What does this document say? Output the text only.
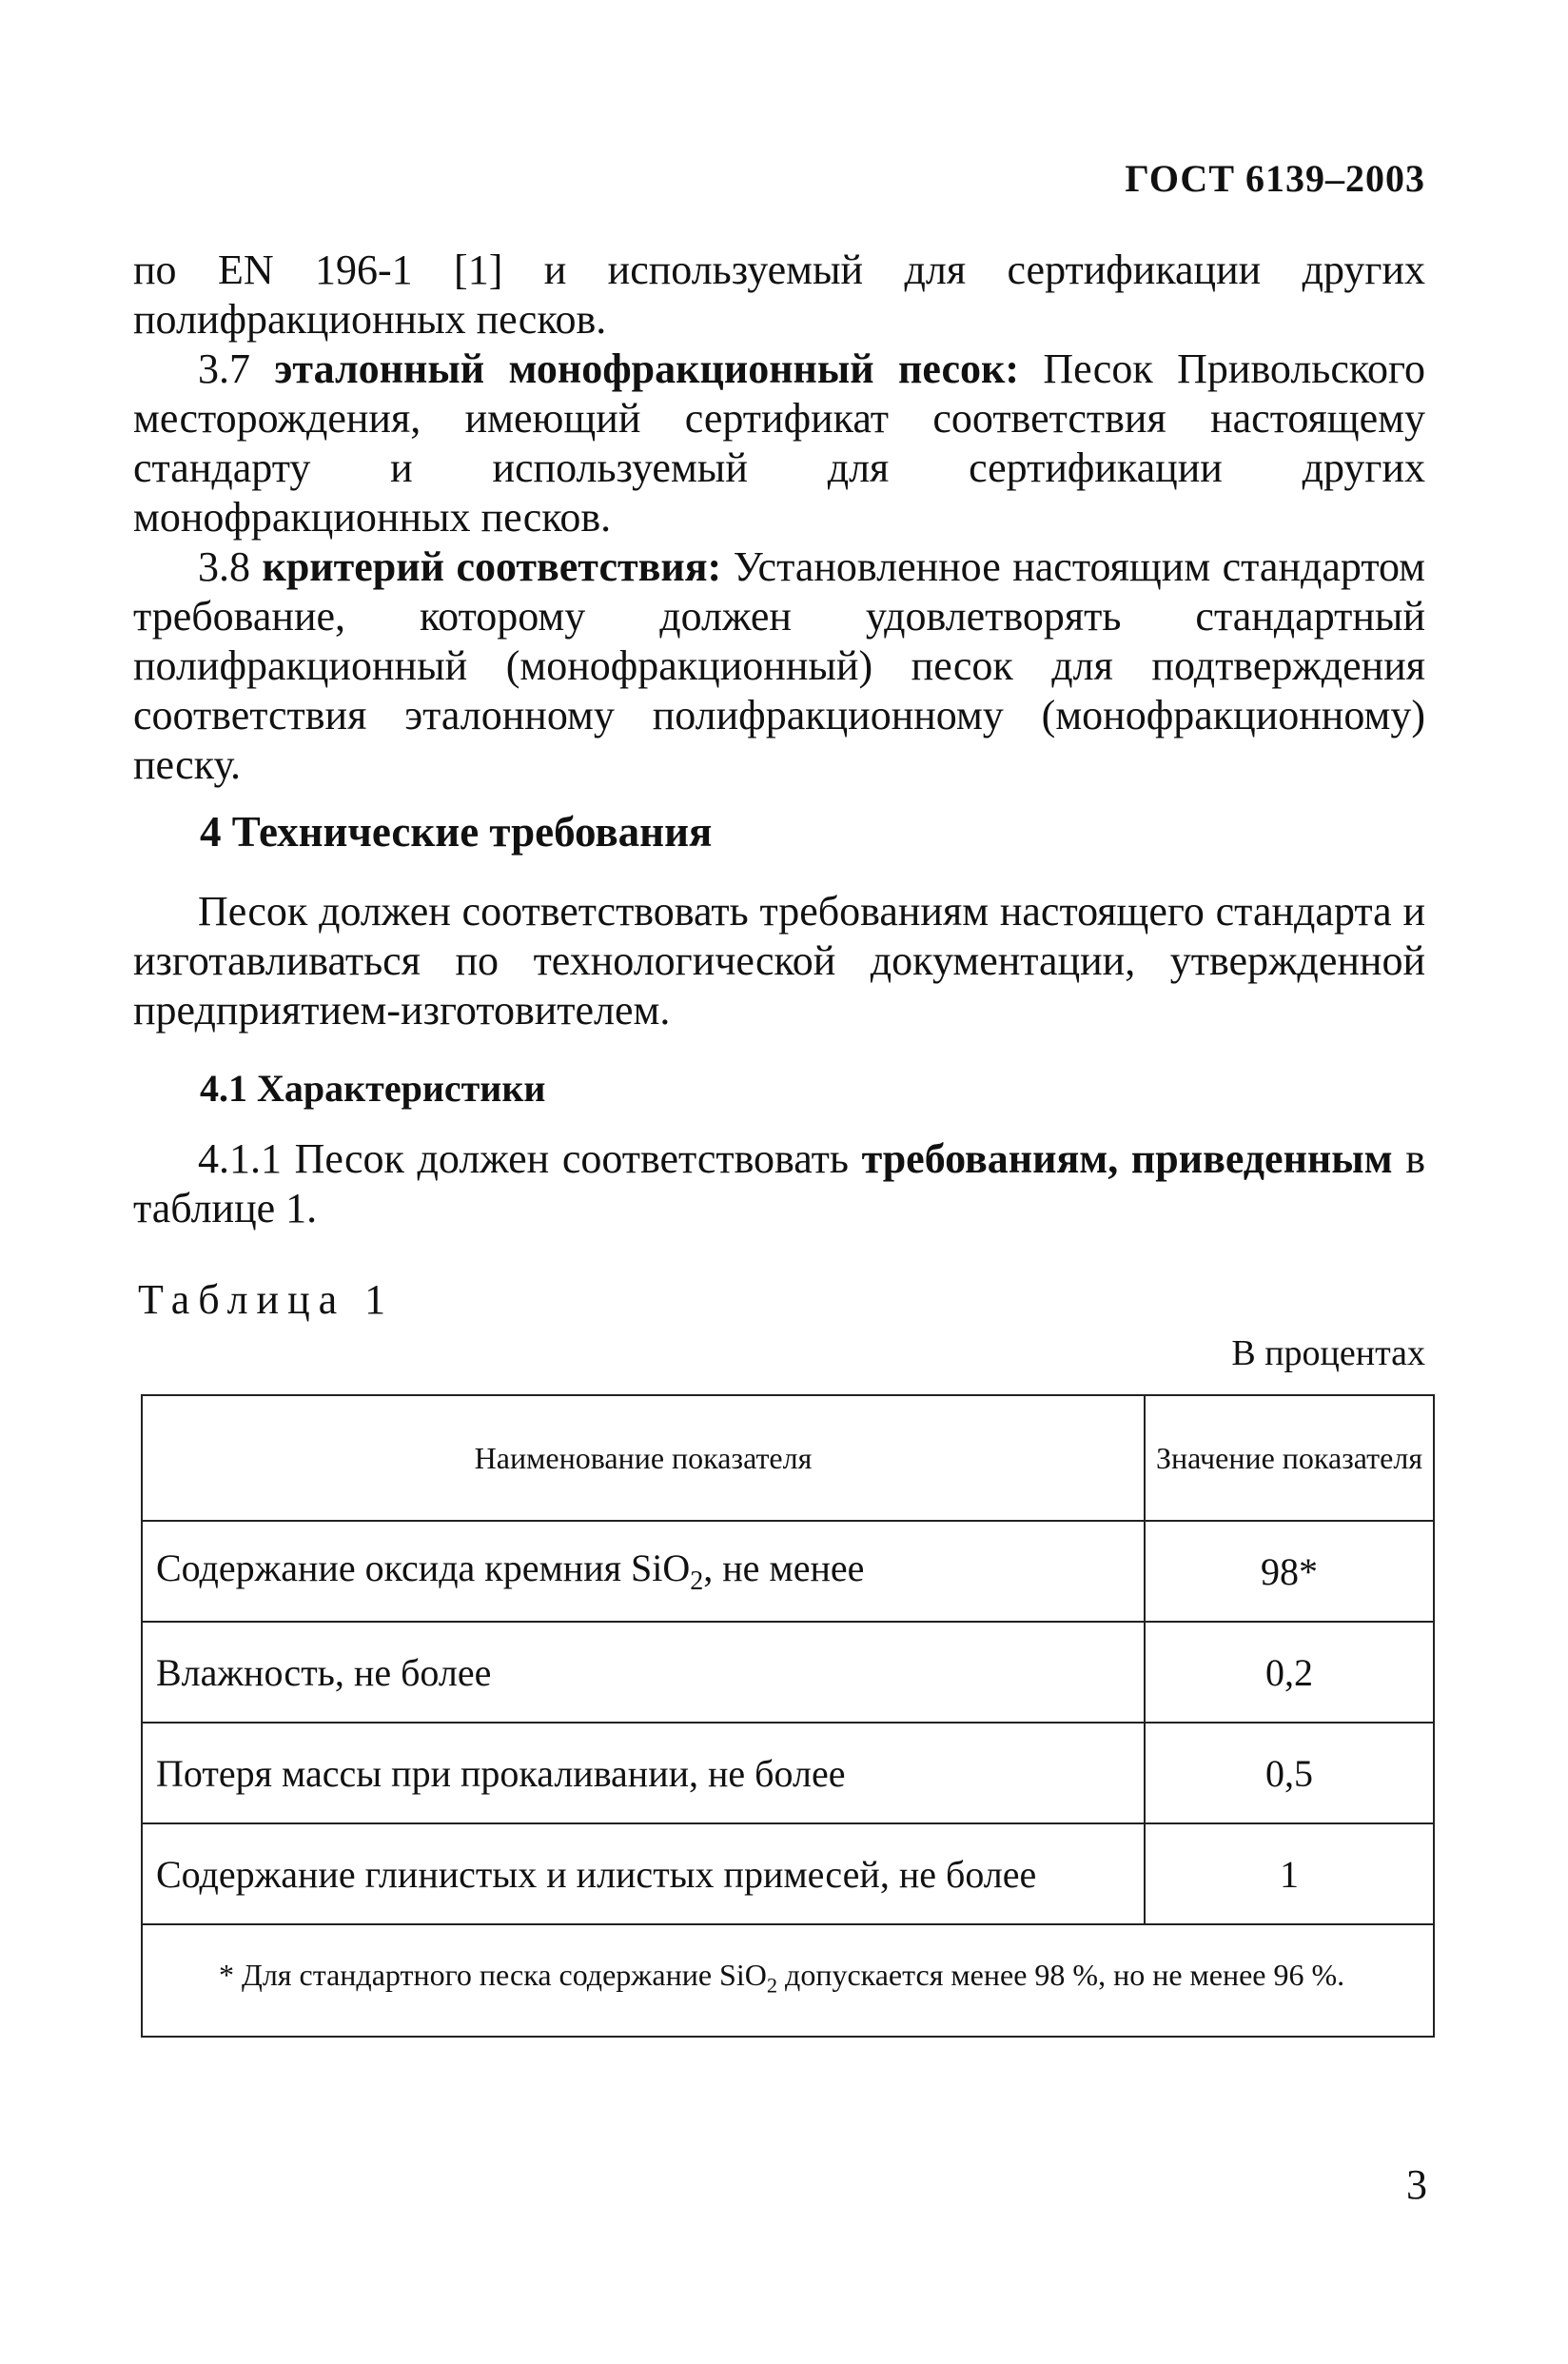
ГОСТ 6139–2003

по EN 196-1 [1] и используемый для сертификации других полифракционных песков.

3.7 эталонный монофракционный песок: Песок Привольского месторождения, имеющий сертификат соответствия настоящему стандарту и используемый для сертификации других монофракционных песков.

3.8 критерий соответствия: Установленное настоящим стандартом требование, которому должен удовлетворять стандартный полифракционный (монофракционный) песок для подтверждения соответствия эталонному полифракционному (монофракционному) песку.

4 Технические требования

Песок должен соответствовать требованиям настоящего стандарта и изготавливаться по технологической документации, утвержденной предприятием-изготовителем.

4.1 Характеристики

4.1.1 Песок должен соответствовать требованиям, приведенным в таблице 1.

Таблица 1
В процентах
Наименование показателя	Значение показателя
Содержание оксида кремния SiO$_2$, не менее	98*
Влажность, не более	0,2
Потеря массы при прокаливании, не более	0,5
Содержание глинистых и илистых примесей, не более	1
* Для стандартного песка содержание SiO$_2$ допускается менее 98 %, но не менее 96 %.	
3
